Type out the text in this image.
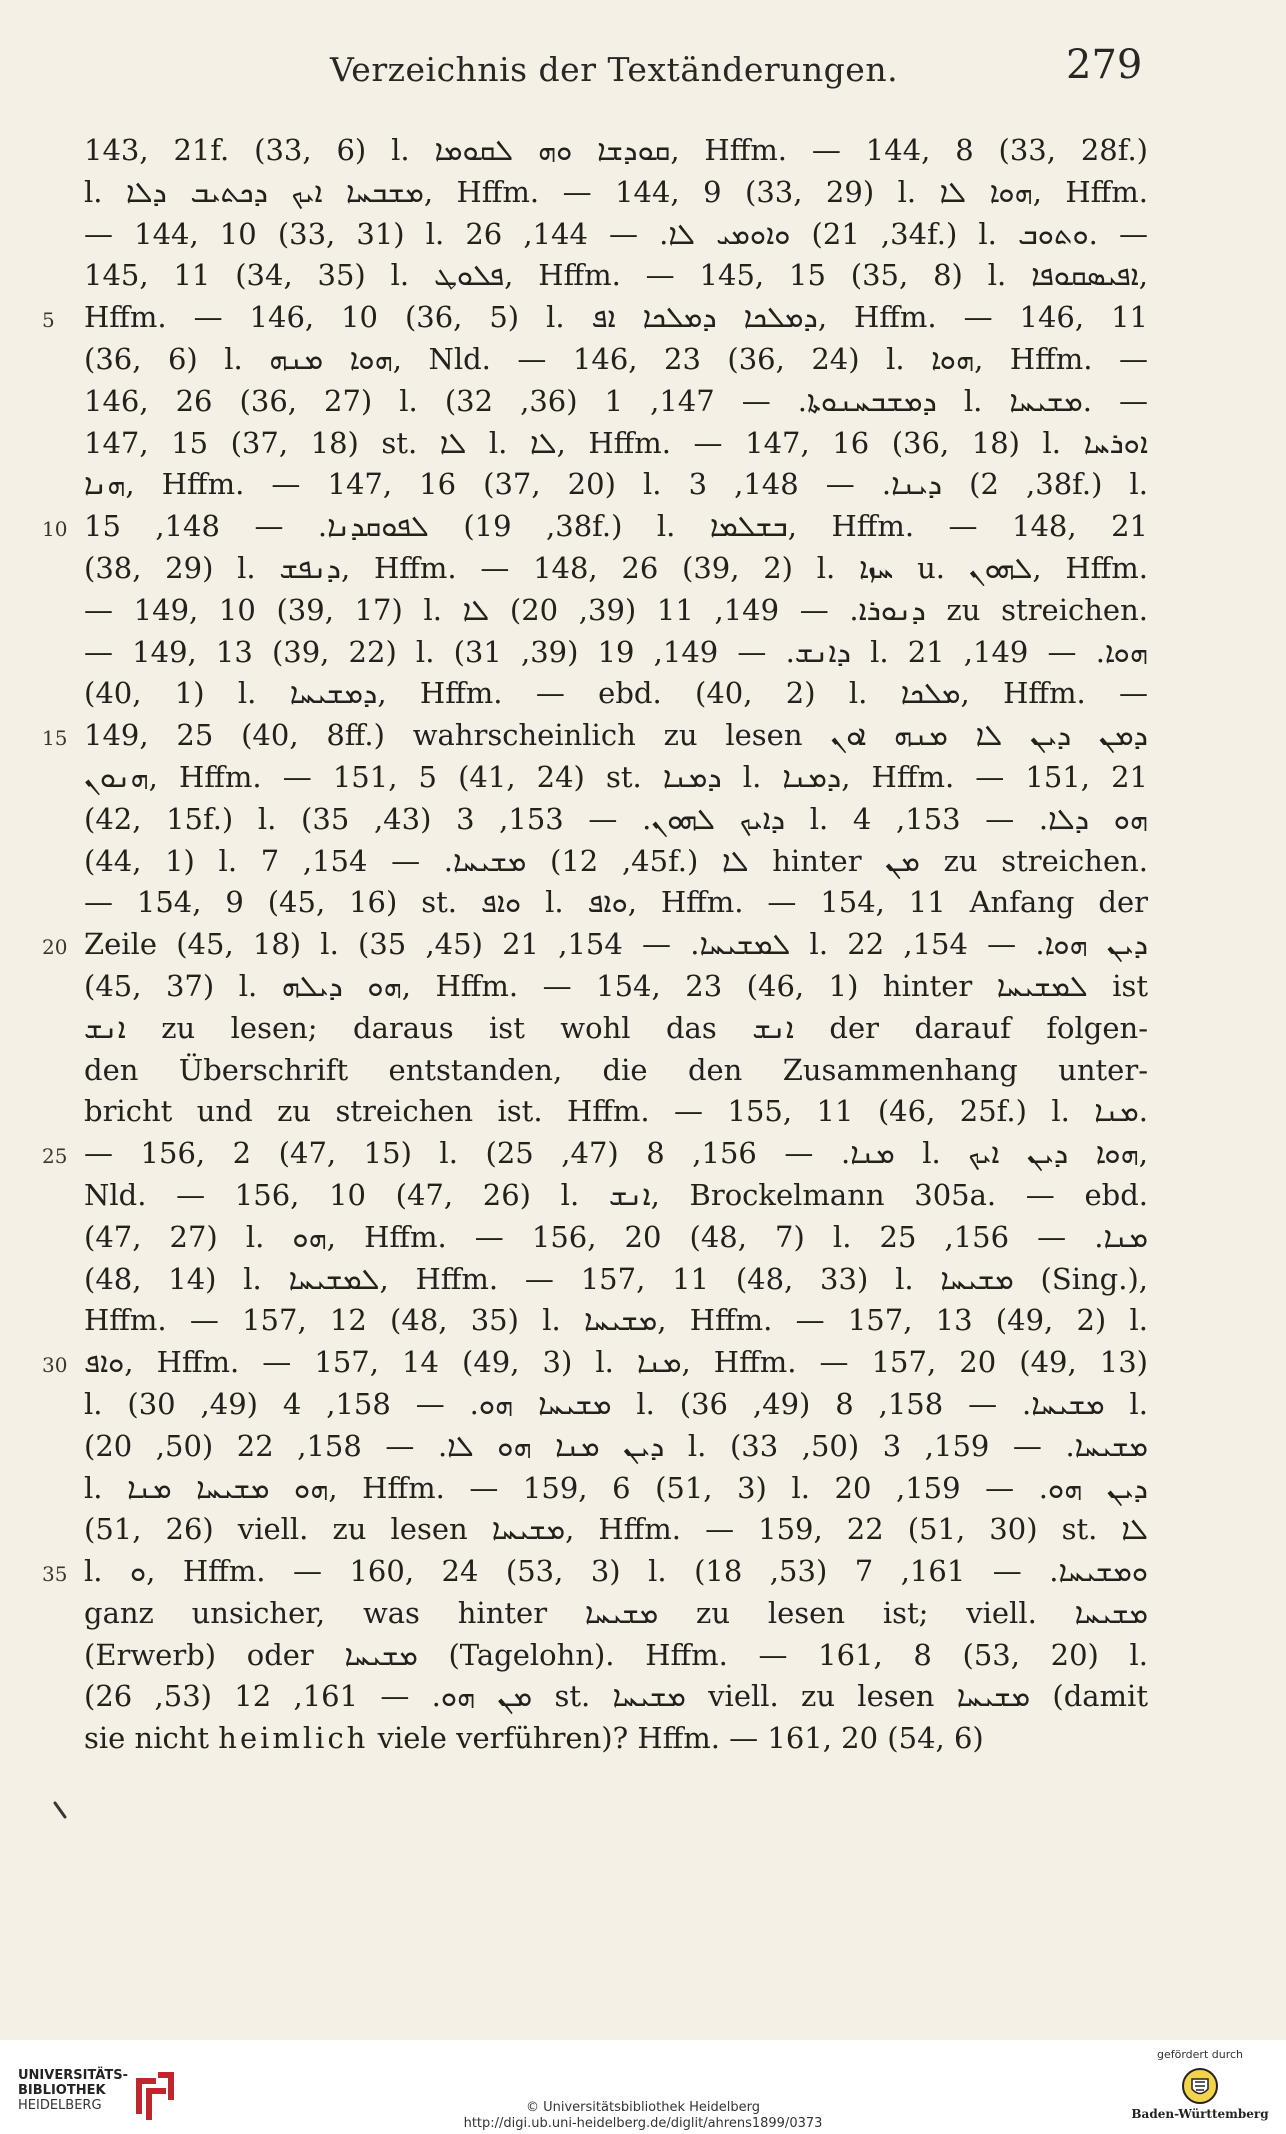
Verzeichnis der Textänderungen.	279
143, 21f. (33, 6) l. ܩܘܕܫܐ ܘܗ ܠܩܘܡܐ, Hffm. — 144, 8 (33, 28f.)
l. ܡܫܒܚܐ ܐܝܟ ܕܟܬܝܒ ܕܠܐ, Hffm. — 144, 9 (33, 29) l. ܗܘܐ ܠܐ, Hffm.
— 144, 10 (33, 31) l. ܘܐܘܡܝ ܠܐ. — 144, 26 (34, 21f.) l. ܘܬܘܒ. —
145, 11 (34, 35) l. ܦܠܘܛ, Hffm. — 145, 15 (35, 8) l. ܐܦܝܣܩܘܦܐ,
5 Hffm. — 146, 10 (36, 5) l. ܕܡܠܟܐ ܕܡܠܟܐ ܐܦ, Hffm. — 146, 11
(36, 6) l. ܗܘܐ ܡܢܗ, Nld. — 146, 23 (36, 24) l. ܗܘܐ, Hffm. —
146, 26 (36, 27) l. ܕܡܫܒܚܢܘܬܐ. — 147, 1 (36, 32) l. ܡܫܝܚܐ. —
147, 15 (37, 18) st. ܠܐ l. ܠܐ, Hffm. — 147, 16 (36, 18) l. ܐܘܪܚܐ
ܗܢܐ, Hffm. — 147, 16 (37, 20) l. ܕܝܢܐ. — 148, 3 (38, 2f.) l.
10 ܠܦܘܩܕܢܐ. — 148, 15 (38, 19f.) l. ܒܫܠܡܐ, Hffm. — 148, 21
(38, 29) l. ܕܢܦܫ, Hffm. — 148, 26 (39, 2) l. ܚܙܐ u. ܠܗܘܢ, Hffm.
— 149, 10 (39, 17) l. ܕܢܘܪܐ. — 149, 11 (39, 20) ܠܐ zu streichen.
— 149, 13 (39, 22) l. ܕܐܢܫ. — 149, 19 (39, 31) l. ܗܘܐ. — 149, 21
(40, 1) l. ܕܡܫܝܚܐ, Hffm. — ebd. (40, 2) l. ܡܠܟܐ, Hffm. —
15 149, 25 (40, 8ff.) wahrscheinlich zu lesen ܕܡܢ ܕܝܢ ܠܐ ܡܢܗ ܐܘܢ
ܗܢܘܢ, Hffm. — 151, 5 (41, 24) st. ܕܡܢܐ l. ܕܡܢܐ, Hffm. — 151, 21
(42, 15f.) l. ܕܐܝܟ ܠܗܘܢ. — 153, 3 (43, 35) l. ܗܘ ܕܠܐ. — 153, 4
(44, 1) l. ܡܫܝܚܐ. — 154, 7 (45, 12f.) ܠܐ hinter ܡܢ zu streichen.
— 154, 9 (45, 16) st. ܘܐܦ l. ܘܐܦ, Hffm. — 154, 11 Anfang der
20 Zeile (45, 18) l. ܠܡܫܝܚܐ. — 154, 21 (45, 35) l. ܕܝܢ ܗܘܐ. — 154, 22
(45, 37) l. ܗܘ ܕܝܠܗ, Hffm. — 154, 23 (46, 1) hinter ܠܡܫܝܚܐ ist
ܐܢܫ zu lesen; daraus ist wohl das ܐܢܫ der darauf folgen-
den Überschrift entstanden, die den Zusammenhang unter-
bricht und zu streichen ist. Hffm. — 155, 11 (46, 25f.) l. ܡܢܐ.
25 — 156, 2 (47, 15) l. ܡܢܐ. — 156, 8 (47, 25) l. ܗܘܐ ܕܝܢ ܐܝܟ,
Nld. — 156, 10 (47, 26) l. ܐܢܫ, Brockelmann 305a. — ebd.
(47, 27) l. ܗܘ, Hffm. — 156, 20 (48, 7) l. ܡܢܐ. — 156, 25
(48, 14) l. ܠܡܫܝܚܐ, Hffm. — 157, 11 (48, 33) l. ܡܫܝܚܐ (Sing.),
Hffm. — 157, 12 (48, 35) l. ܡܫܝܚܐ, Hffm. — 157, 13 (49, 2) l.
30 ܘܐܦ, Hffm. — 157, 14 (49, 3) l. ܡܢܐ, Hffm. — 157, 20 (49, 13)
l. ܡܫܝܚܐ ܗܘ. — 158, 4 (49, 30) l. ܡܫܝܚܐ. — 158, 8 (49, 36) l.
ܕܝܢ ܡܢܐ ܗܘ ܠܐ. — 158, 22 (50, 20) l. ܡܫܝܚܐ. — 159, 3 (50, 33)
l. ܗܘ ܡܫܝܚܐ ܡܢܐ, Hffm. — 159, 6 (51, 3) l. ܕܝܢ ܗܘ. — 159, 20
(51, 26) viell. zu lesen ܡܫܝܚܐ, Hffm. — 159, 22 (51, 30) st. ܠܐ
35 l. ܘ, Hffm. — 160, 24 (53, 3) l. ܘܡܫܝܚܐ. — 161, 7 (53, 18)
ganz unsicher, was hinter ܡܫܝܚܐ zu lesen ist; viell. ܡܫܝܚܐ
(Erwerb) oder ܡܫܝܚܐ (Tagelohn). Hffm. — 161, 8 (53, 20) l.
ܡܢ ܗܘ. — 161, 12 (53, 26) st. ܡܫܝܚܐ viell. zu lesen ܡܫܝܚܐ (damit
sie nicht heimlich viele verführen)? Hffm. — 161, 20 (54, 6)
UNIVERSITÄTS-
BIBLIOTHEK
HEIDELBERG	© Universitätsbibliothek Heidelberg
http://digi.ub.uni-heidelberg.de/diglit/ahrens1899/0373
gefördert durch
Baden-Württemberg
